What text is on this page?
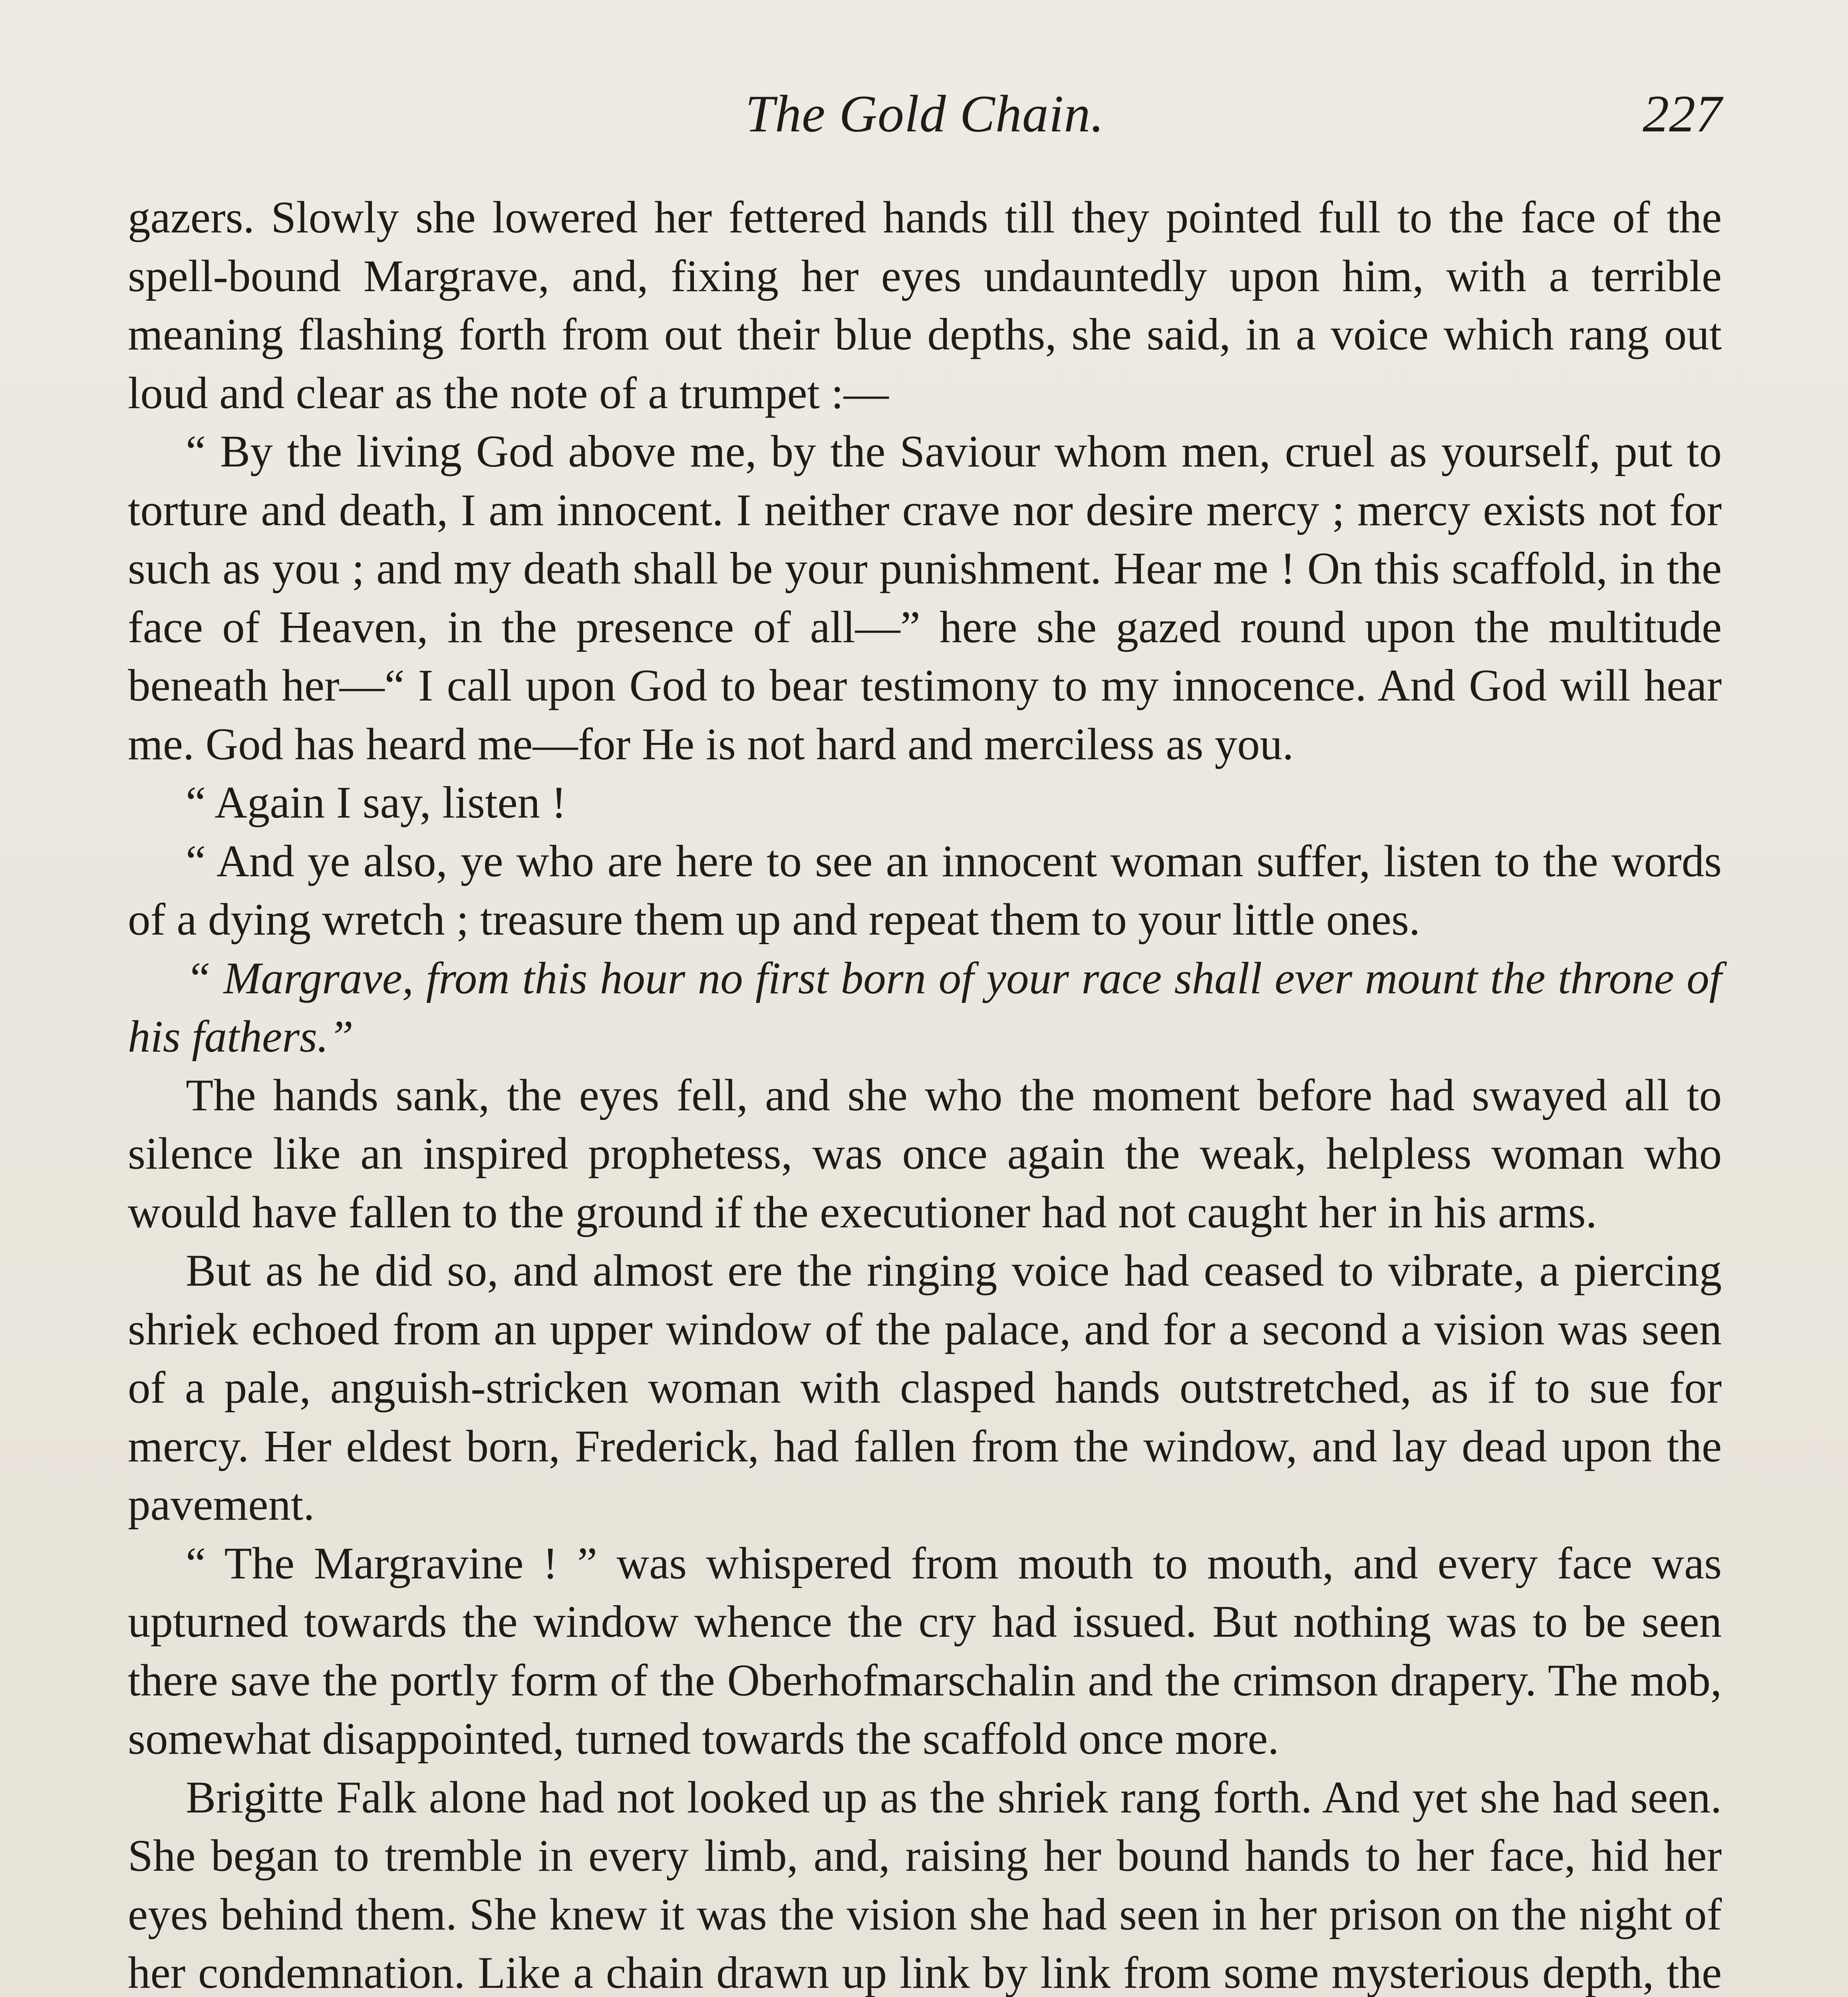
The Gold Chain.	227

gazers. Slowly she lowered her fettered hands till they pointed full to the face of the spell-bound Margrave, and, fixing her eyes undauntedly upon him, with a terrible meaning flashing forth from out their blue depths, she said, in a voice which rang out loud and clear as the note of a trumpet :—

“ By the living God above me, by the Saviour whom men, cruel as yourself, put to torture and death, I am innocent. I neither crave nor desire mercy ; mercy exists not for such as you ; and my death shall be your punishment. Hear me ! On this scaffold, in the face of Heaven, in the presence of all—” here she gazed round upon the multitude beneath her—“ I call upon God to bear testimony to my innocence. And God will hear me. God has heard me—for He is not hard and merciless as you.

“ Again I say, listen !

“ And ye also, ye who are here to see an innocent woman suffer, listen to the words of a dying wretch ; treasure them up and repeat them to your little ones.

“ Margrave, from this hour no first born of your race shall ever mount the throne of his fathers.”

The hands sank, the eyes fell, and she who the moment before had swayed all to silence like an inspired prophetess, was once again the weak, helpless woman who would have fallen to the ground if the executioner had not caught her in his arms.

But as he did so, and almost ere the ringing voice had ceased to vibrate, a piercing shriek echoed from an upper window of the palace, and for a second a vision was seen of a pale, anguish-stricken woman with clasped hands outstretched, as if to sue for mercy. Her eldest born, Frederick, had fallen from the window, and lay dead upon the pavement.

“ The Margravine ! ” was whispered from mouth to mouth, and every face was upturned towards the window whence the cry had issued. But nothing was to be seen there save the portly form of the Oberhofmarschalin and the crimson drapery. The mob, somewhat disappointed, turned towards the scaffold once more.

Brigitte Falk alone had not looked up as the shriek rang forth. And yet she had seen. She began to tremble in every limb, and, raising her bound hands to her face, hid her eyes behind them. She knew it was the vision she had seen in her prison on the night of her condemnation. Like a chain drawn up link by link from some mysterious depth, the
